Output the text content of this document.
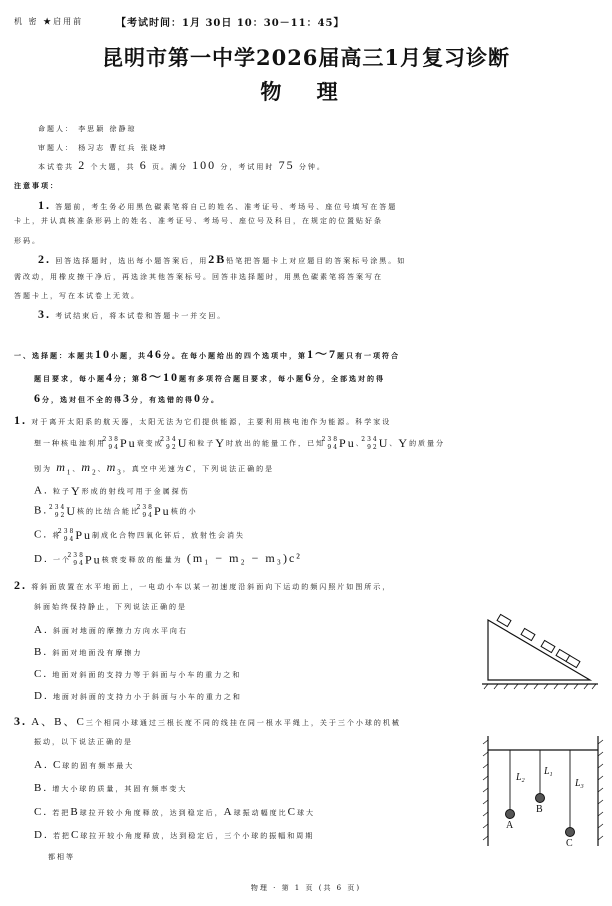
机 密 ★启用前	【考试时间：1月 30日 10：30－11：45】
昆明市第一中学2026届高三1月复习诊断
物 理
命题人： 李思颖 徐静琼
审题人： 杨习志 曹红兵 张晓坤
本试卷共 2 个大题，共 6 页。满分 100 分，考试用时 75 分钟。
注意事项：
1. 答题前，考生务必用黑色碳素笔将自己的姓名、准考证号、考场号、座位号填写在答题
卡上，并认真核准条形码上的姓名、准考证号、考场号、座位号及科目，在规定的位置贴好条
形码。
2. 回答选择题时，选出每小题答案后，用2B铅笔把答题卡上对应题目的答案标号涂黑。如
需改动，用橡皮擦干净后，再选涂其他答案标号。回答非选择题时，用黑色碳素笔将答案写在
答题卡上，写在本试卷上无效。
3. 考试结束后，将本试卷和答题卡一并交回。
一、选择题：本题共10小题，共46分。在每小题给出的四个选项中，第1～7题只有一项符合
题目要求，每小题4分；第8～10题有多项符合题目要求，每小题6分，全部选对的得
6分，选对但不全的得3分，有选错的得0分。
1. 对于离开太阳系的航天器，太阳无法为它们提供能源，主要利用核电池作为能源。科学家设
想一种核电池利用
238
94 Pu衰变成
234
92 U和粒子Y时放出的能量工作，已知
238
94 Pu、
234
92 U、Y的质量分
别为 $m_1$、$m_2$、$m_3$，真空中光速为c，下列说法正确的是
A. 粒子Y形成的射线可用于金属探伤
B. 234
92 U核的比结合能比
238
94 Pu核的小
C. 将
238
94 Pu制成化合物四氧化钚后，放射性会消失
D. 一个
238
94 Pu核衰变释放的能量为 (m₁ − m₂ − m₃)c²
2. 将斜面放置在水平地面上，一电动小车以某一初速度沿斜面向下运动的频闪照片如图所示，
斜面始终保持静止，下列说法正确的是
A. 斜面对地面的摩擦力方向水平向右
B. 斜面对地面没有摩擦力
C. 地面对斜面的支持力等于斜面与小车的重力之和
D. 地面对斜面的支持力小于斜面与小车的重力之和
3. A、B、C三个相同小球通过三根长度不同的线挂在同一根水平绳上，关于三个小球的机械
振动，以下说法正确的是
A. C球的固有频率最大
B. 增大小球的质量，其固有频率变大
C. 若把B球拉开较小角度释放，达到稳定后，A球振动幅度比C球大
D. 若把C球拉开较小角度释放，达到稳定后，三个小球的振幅和周期
都相等
$L_2$
$L_1$
$L_3$
A
B
C
物理 · 第 1 页 (共 6 页)
